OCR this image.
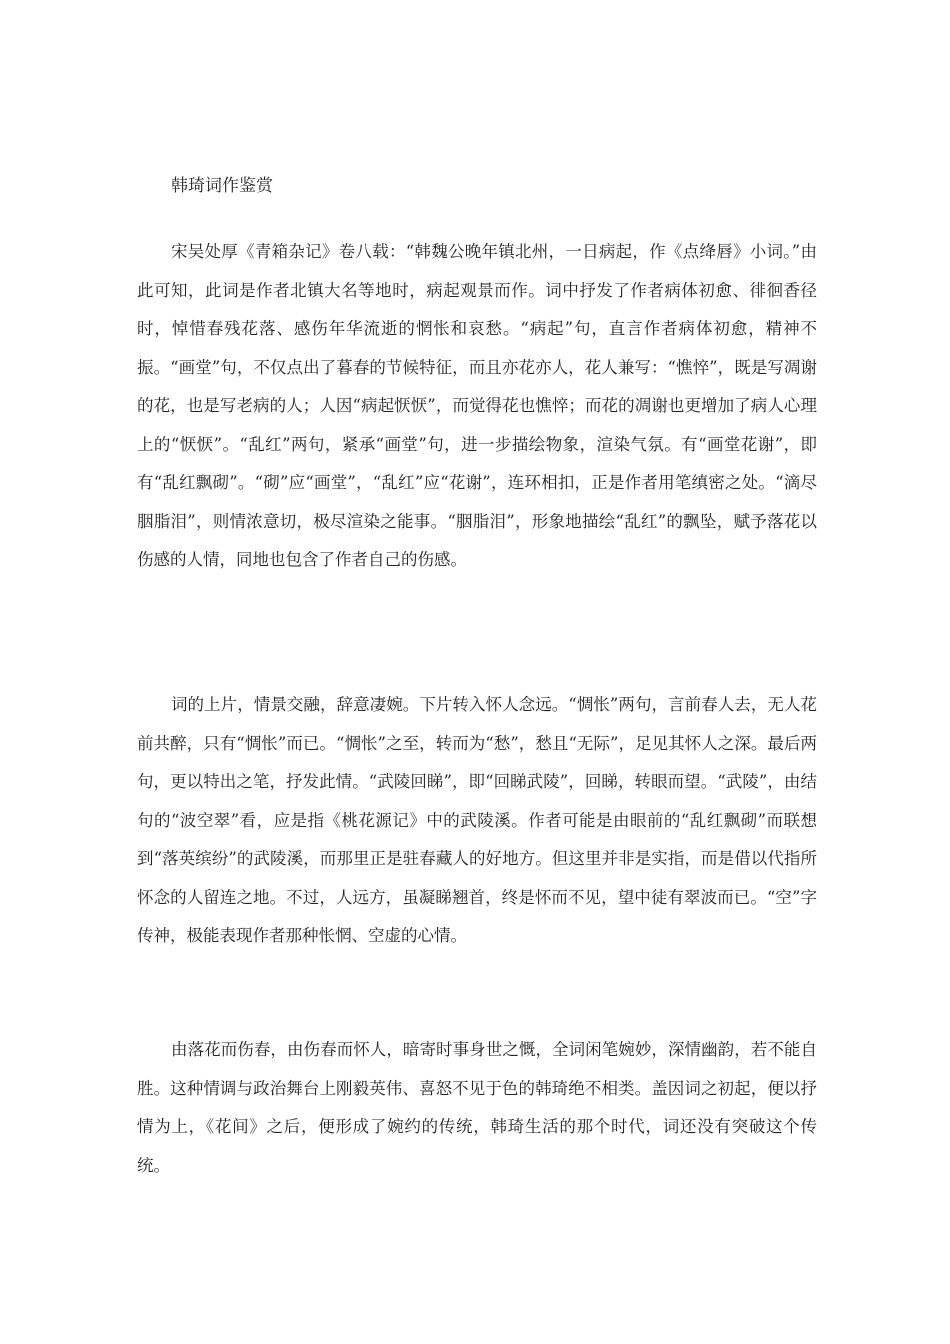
韩琦词作鉴赏

宋吴处厚《青箱杂记》卷八载：“韩魏公晚年镇北州，一日病起，作《点绛唇》小词。”由此可知，此词是作者北镇大名等地时，病起观景而作。词中抒发了作者病体初愈、徘徊香径时，悼惜春残花落、感伤年华流逝的惘怅和哀愁。“病起”句，直言作者病体初愈，精神不振。“画堂”句，不仅点出了暮春的节候特征，而且亦花亦人，花人兼写：“憔悴”，既是写凋谢的花，也是写老病的人；人因“病起恹恹”，而觉得花也憔悴；而花的凋谢也更增加了病人心理上的“恹恹”。“乱红”两句，紧承“画堂”句，进一步描绘物象，渲染气氛。有“画堂花谢”，即有“乱红飘砌”。“砌”应“画堂”，“乱红”应“花谢”，连环相扣，正是作者用笔缜密之处。“滴尽胭脂泪”，则情浓意切，极尽渲染之能事。“胭脂泪”，形象地描绘“乱红”的飘坠，赋予落花以伤感的人情，同地也包含了作者自己的伤感。

词的上片，情景交融，辞意凄婉。下片转入怀人念远。“惆怅”两句，言前春人去，无人花前共醉，只有“惆怅”而已。“惆怅”之至，转而为“愁”，愁且“无际”，足见其怀人之深。最后两句，更以特出之笔，抒发此情。“武陵回睇”，即“回睇武陵”，回睇，转眼而望。“武陵”，由结句的“波空翠”看，应是指《桃花源记》中的武陵溪。作者可能是由眼前的“乱红飘砌”而联想到“落英缤纷”的武陵溪，而那里正是驻春藏人的好地方。但这里并非是实指，而是借以代指所怀念的人留连之地。不过，人远方，虽凝睇翘首，终是怀而不见，望中徒有翠波而已。“空”字传神，极能表现作者那种怅惘、空虚的心情。

由落花而伤春，由伤春而怀人，暗寄时事身世之慨，全词闲笔婉妙，深情幽韵，若不能自胜。这种情调与政治舞台上刚毅英伟、喜怒不见于色的韩琦绝不相类。盖因词之初起，便以抒情为上，《花间》之后，便形成了婉约的传统，韩琦生活的那个时代，词还没有突破这个传统。
